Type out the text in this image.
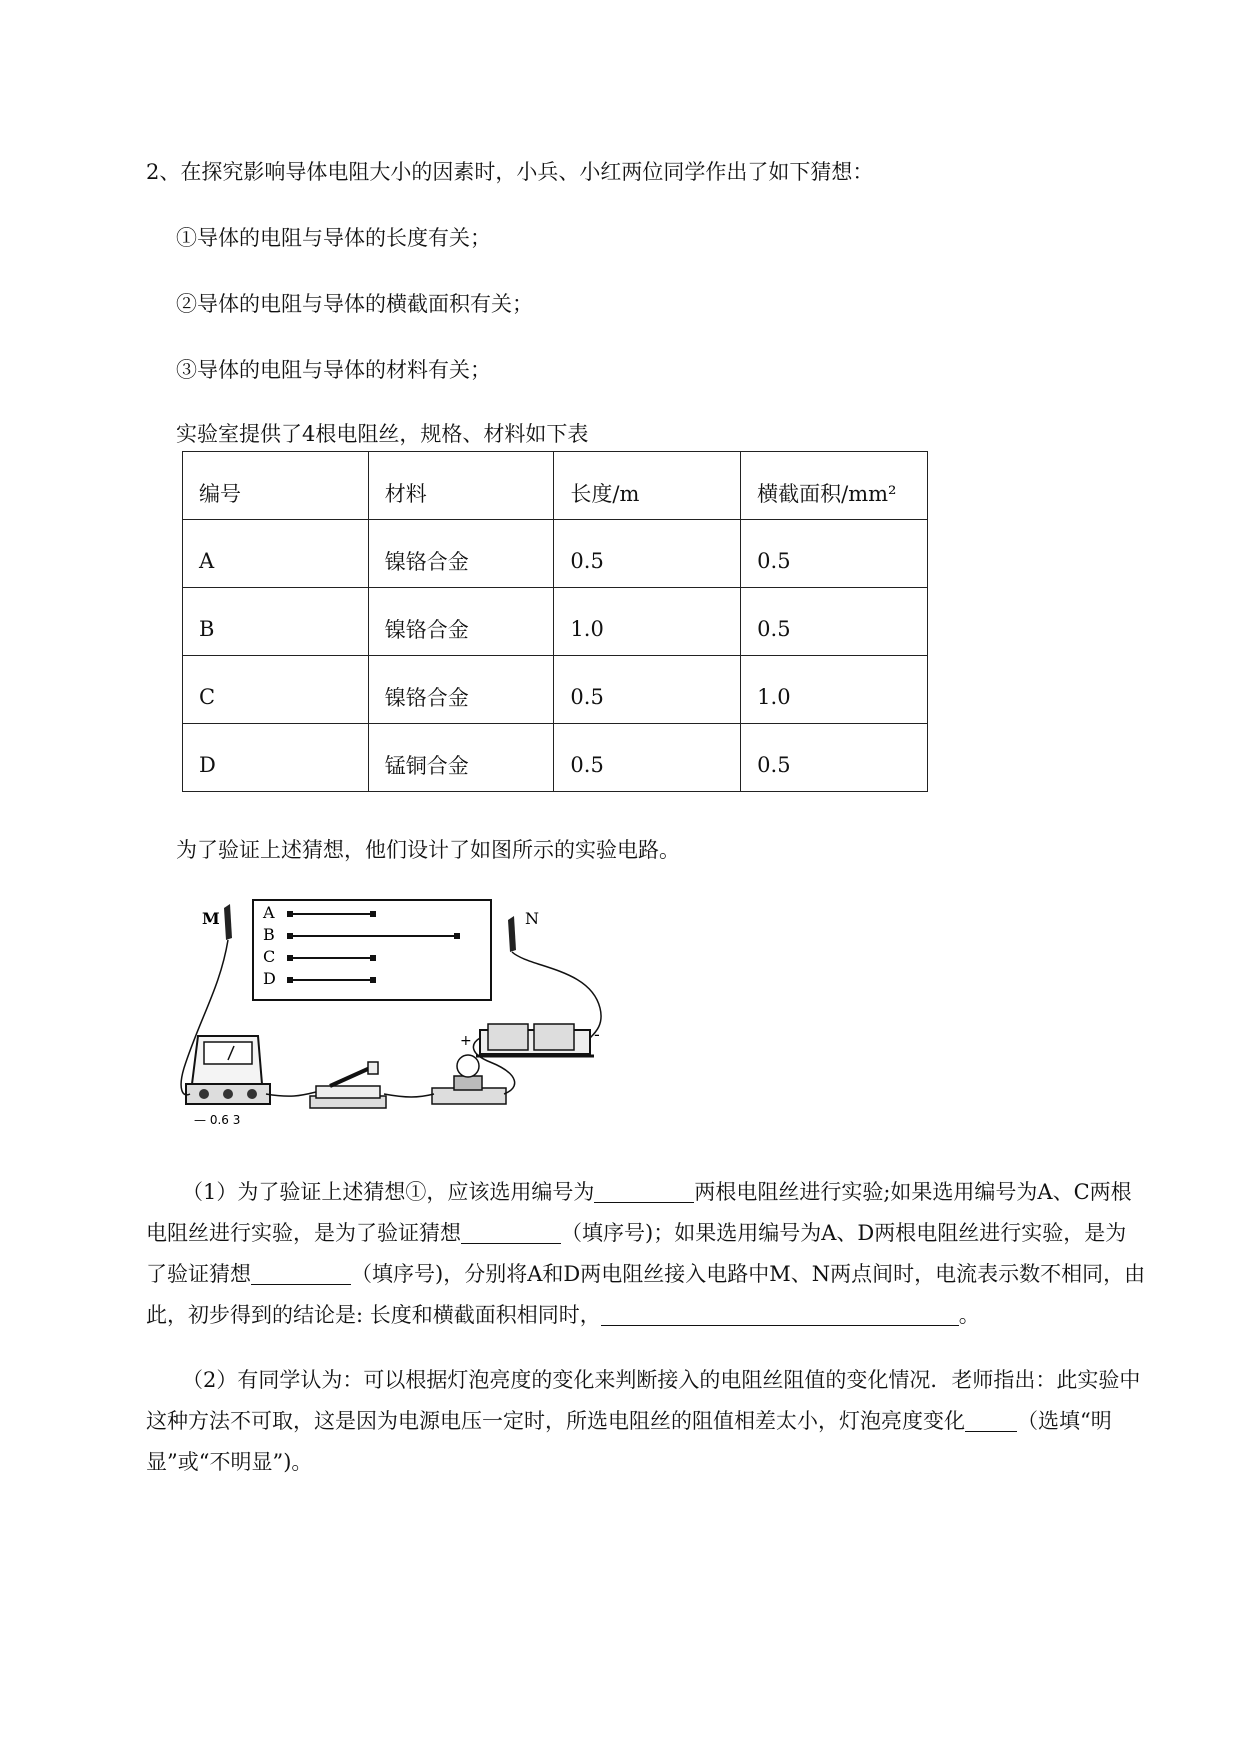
2、在探究影响导体电阻大小的因素时，小兵、小红两位同学作出了如下猜想：
①导体的电阻与导体的长度有关；
②导体的电阻与导体的横截面积有关；
③导体的电阻与导体的材料有关；
实验室提供了4根电阻丝，规格、材料如下表
编号	材料	长度/m	横截面积/mm²
A	镍铬合金	0.5	0.5
B	镍铬合金	1.0	0.5
C	镍铬合金	0.5	1.0
D	锰铜合金	0.5	0.5
为了验证上述猜想，他们设计了如图所示的实验电路。
A
B
C
D
M	N
+	-
— 0.6 3
（1）为了验证上述猜想①，应该选用编号为	两根电阻丝进行实验;如果选用编号为A、C两根电阻丝进行实验，是为了验证猜想	（填序号)；如果选用编号为A、D两根电阻丝进行实验，是为了验证猜想	（填序号)，分别将A和D两电阻丝接入电路中M、N两点间时，电流表示数不相同，由此，初步得到的结论是: 长度和横截面积相同时，	。
（2）有同学认为：可以根据灯泡亮度的变化来判断接入的电阻丝阻值的变化情况．老师指出：此实验中这种方法不可取，这是因为电源电压一定时，所选电阻丝的阻值相差太小，灯泡亮度变化 （选填“明显”或“不明显”)。
